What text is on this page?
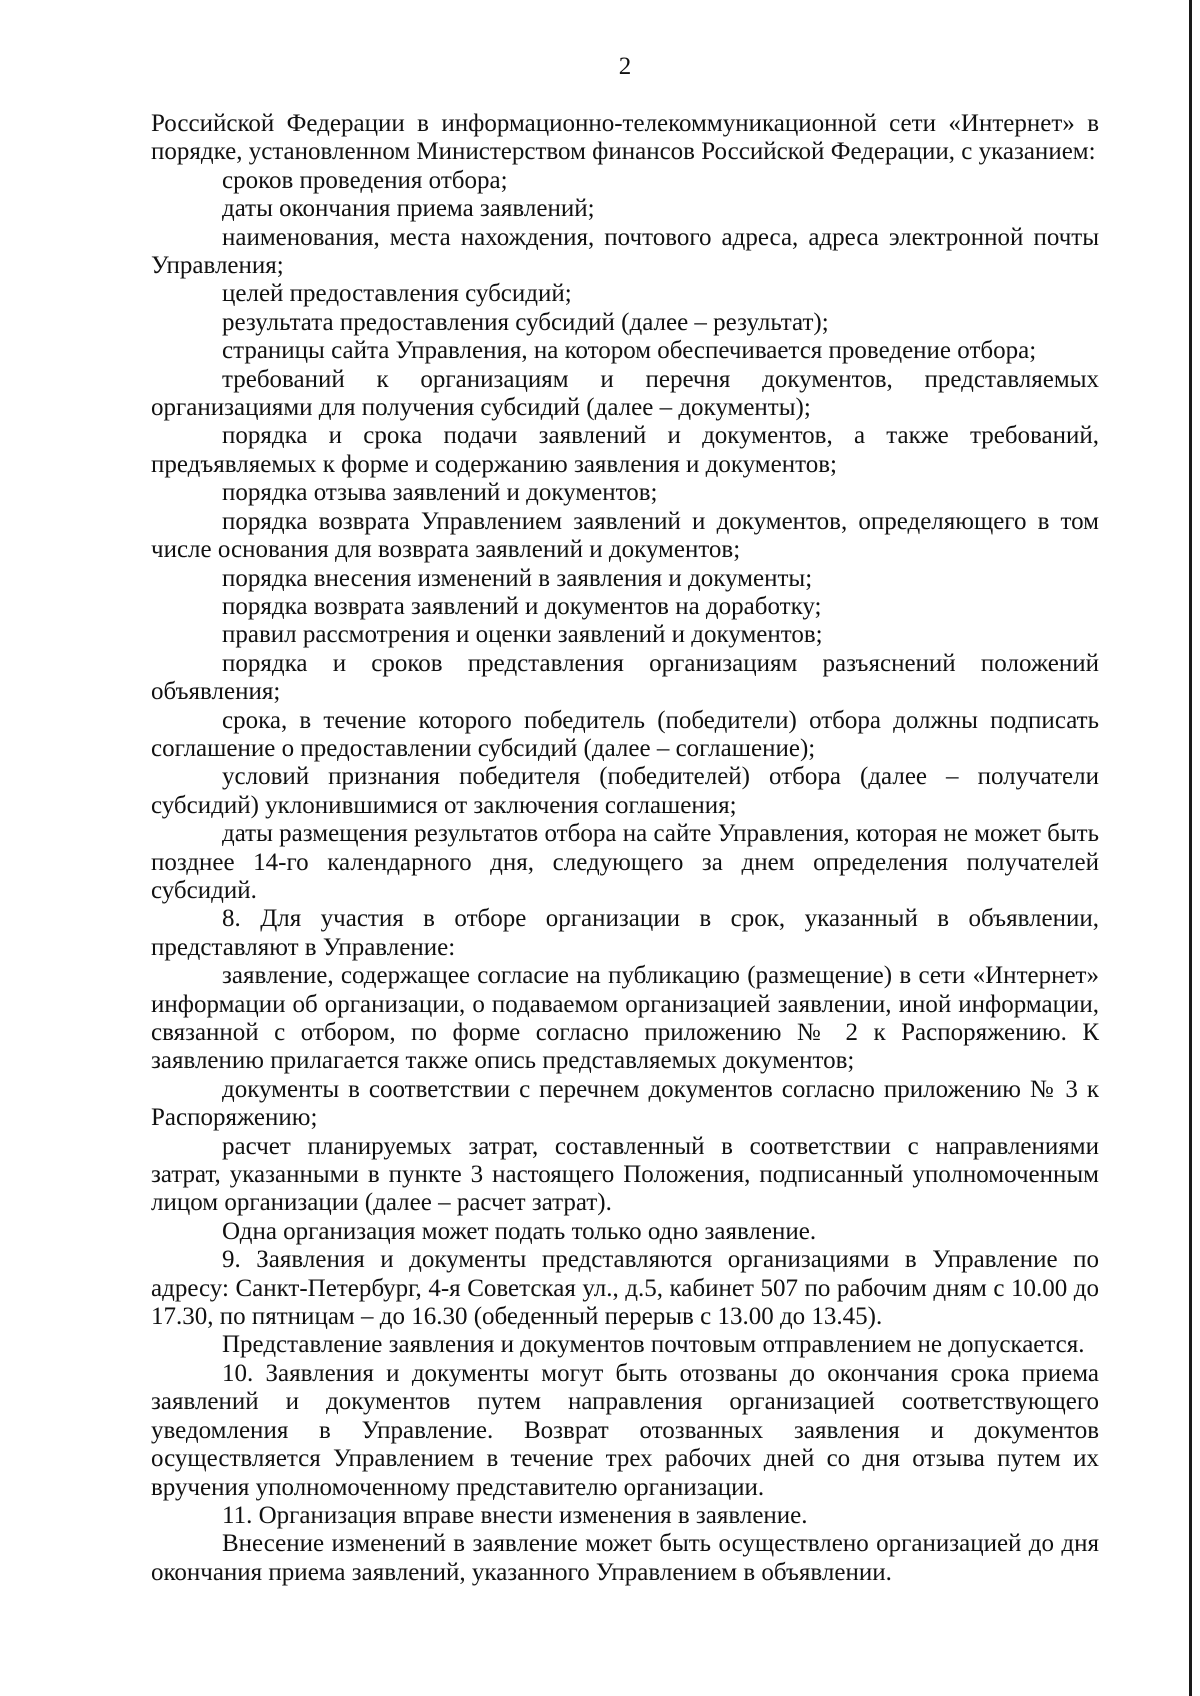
2

Российской Федерации в информационно-телекоммуникационной сети «Интернет» в порядке, установленном Министерством финансов Российской Федерации, с указанием:

сроков проведения отбора;

даты окончания приема заявлений;

наименования, места нахождения, почтового адреса, адреса электронной почты Управления;

целей предоставления субсидий;

результата предоставления субсидий (далее – результат);

страницы сайта Управления, на котором обеспечивается проведение отбора;

требований к организациям и перечня документов, представляемых организациями для получения субсидий (далее – документы);

порядка и срока подачи заявлений и документов, а также требований, предъявляемых к форме и содержанию заявления и документов;

порядка отзыва заявлений и документов;

порядка возврата Управлением заявлений и документов, определяющего в том числе основания для возврата заявлений и документов;

порядка внесения изменений в заявления и документы;

порядка возврата заявлений и документов на доработку;

правил рассмотрения и оценки заявлений и документов;

порядка и сроков представления организациям разъяснений положений объявления;

срока, в течение которого победитель (победители) отбора должны подписать соглашение о предоставлении субсидий (далее – соглашение);

условий признания победителя (победителей) отбора (далее – получатели субсидий) уклонившимися от заключения соглашения;

даты размещения результатов отбора на сайте Управления, которая не может быть позднее 14-го календарного дня, следующего за днем определения получателей субсидий.

8. Для участия в отборе организации в срок, указанный в объявлении, представляют в Управление:

заявление, содержащее согласие на публикацию (размещение) в сети «Интернет» информации об организации, о подаваемом организацией заявлении, иной информации, связанной с отбором, по форме согласно приложению № 2 к Распоряжению. К заявлению прилагается также опись представляемых документов;

документы в соответствии с перечнем документов согласно приложению № 3 к Распоряжению;

расчет планируемых затрат, составленный в соответствии с направлениями затрат, указанными в пункте 3 настоящего Положения, подписанный уполномоченным лицом организации (далее – расчет затрат).

Одна организация может подать только одно заявление.

9. Заявления и документы представляются организациями в Управление по адресу: Санкт-Петербург, 4-я Советская ул., д.5, кабинет 507 по рабочим дням с 10.00 до 17.30, по пятницам – до 16.30 (обеденный перерыв с 13.00 до 13.45).

Представление заявления и документов почтовым отправлением не допускается.

10. Заявления и документы могут быть отозваны до окончания срока приема заявлений и документов путем направления организацией соответствующего уведомления в Управление. Возврат отозванных заявления и документов осуществляется Управлением в течение трех рабочих дней со дня отзыва путем их вручения уполномоченному представителю организации.

11. Организация вправе внести изменения в заявление.

Внесение изменений в заявление может быть осуществлено организацией до дня окончания приема заявлений, указанного Управлением в объявлении.
